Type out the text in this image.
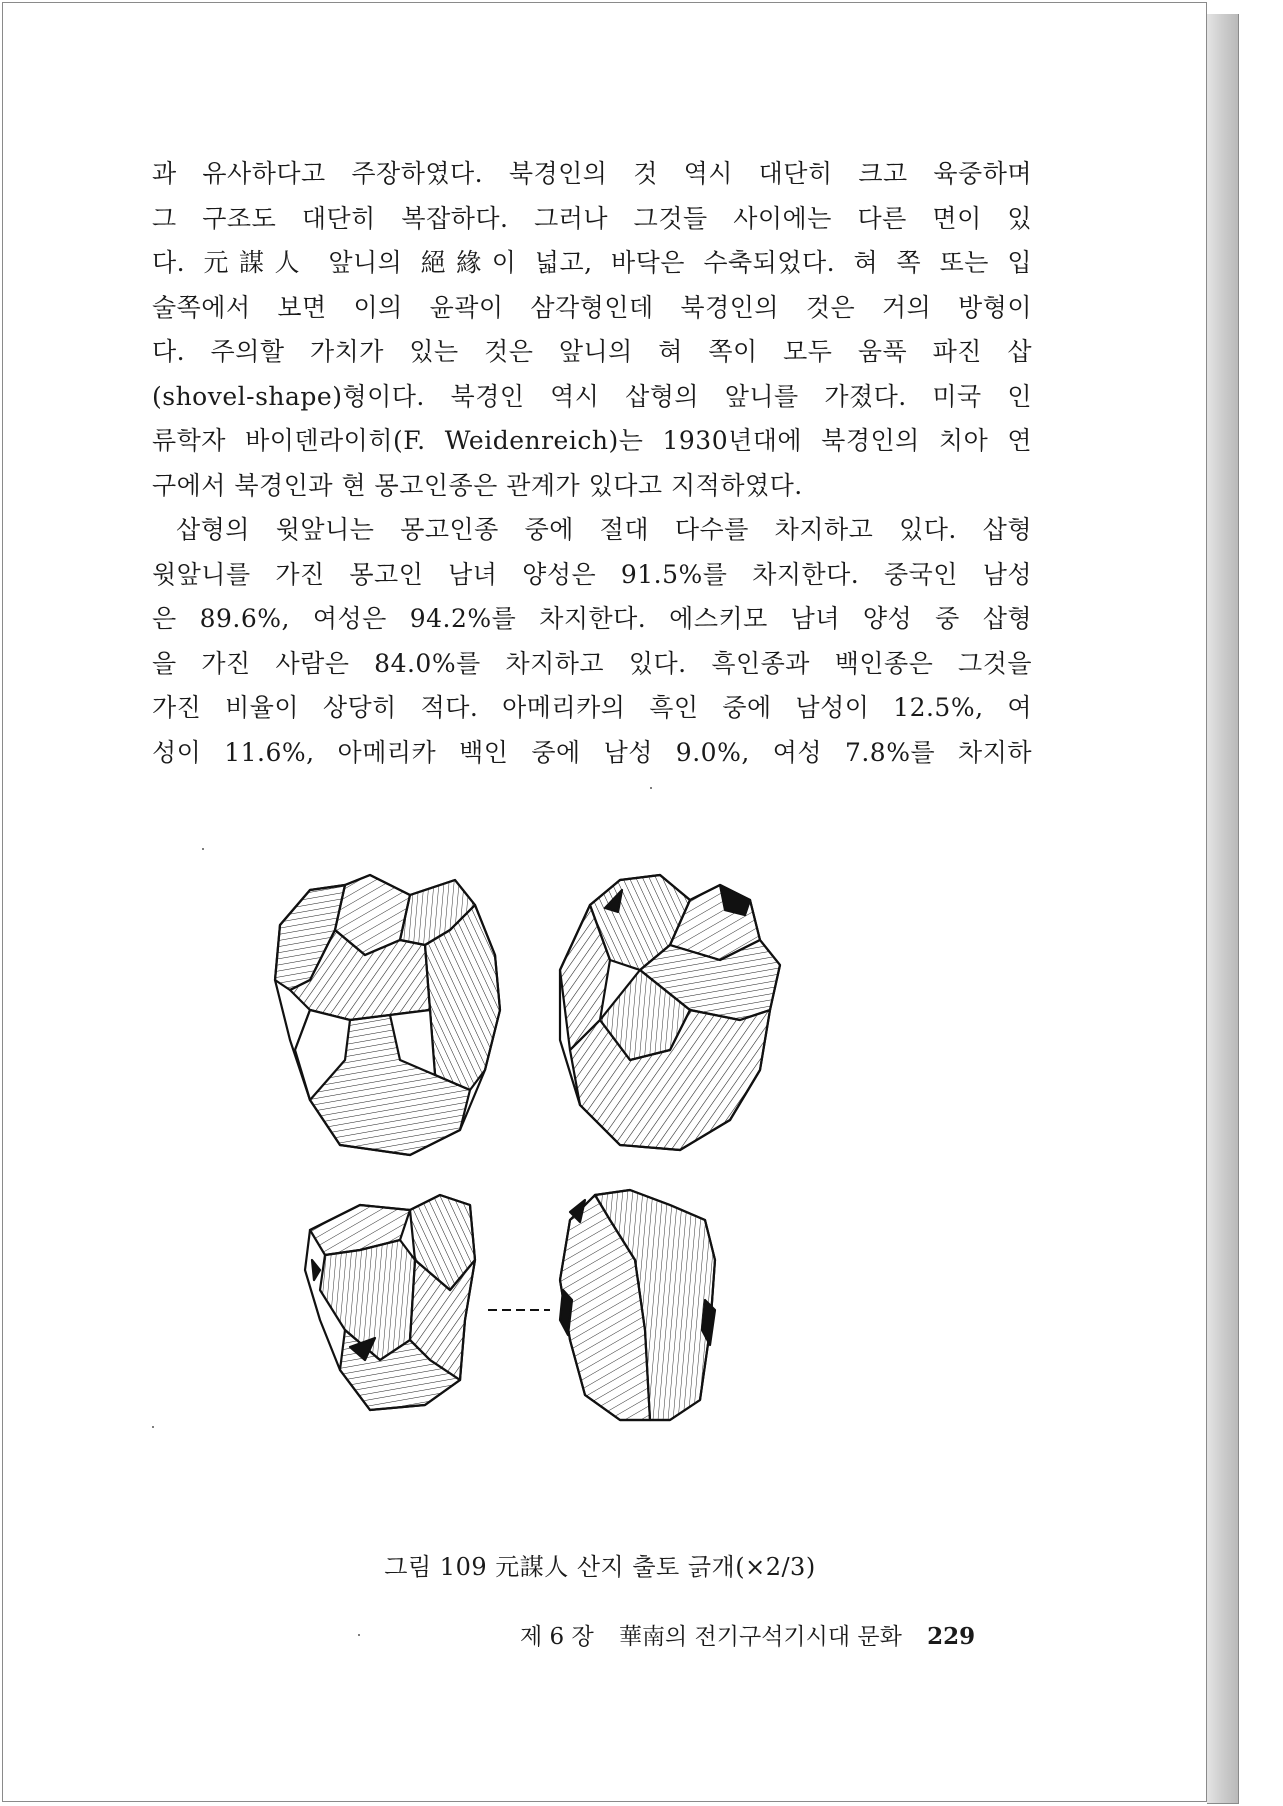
과 유사하다고 주장하였다. 북경인의 것 역시 대단히 크고 육중하며
그 구조도 대단히 복잡하다. 그러나 그것들 사이에는 다른 면이 있
다. 元謀人 앞니의 絕緣이 넓고, 바닥은 수축되었다. 혀 쪽 또는 입
술쪽에서 보면 이의 윤곽이 삼각형인데 북경인의 것은 거의 방형이
다. 주의할 가치가 있는 것은 앞니의 혀 쪽이 모두 움푹 파진 삽
(shovel-shape)형이다. 북경인 역시 삽형의 앞니를 가졌다. 미국 인
류학자 바이덴라이히(F. Weidenreich)는 1930년대에 북경인의 치아 연
구에서 북경인과 현 몽고인종은 관계가 있다고 지적하였다.
삽형의 윗앞니는 몽고인종 중에 절대 다수를 차지하고 있다. 삽형
윗앞니를 가진 몽고인 남녀 양성은 91.5%를 차지한다. 중국인 남성
은 89.6%, 여성은 94.2%를 차지한다. 에스키모 남녀 양성 중 삽형
을 가진 사람은 84.0%를 차지하고 있다. 흑인종과 백인종은 그것을
가진 비율이 상당히 적다. 아메리카의 흑인 중에 남성이 12.5%, 여
성이 11.6%, 아메리카 백인 중에 남성 9.0%, 여성 7.8%를 차지하
그림 109 元謀人 산지 출토 긁개(×2/3)
제 6 장 華南의 전기구석기시대 문화 229
